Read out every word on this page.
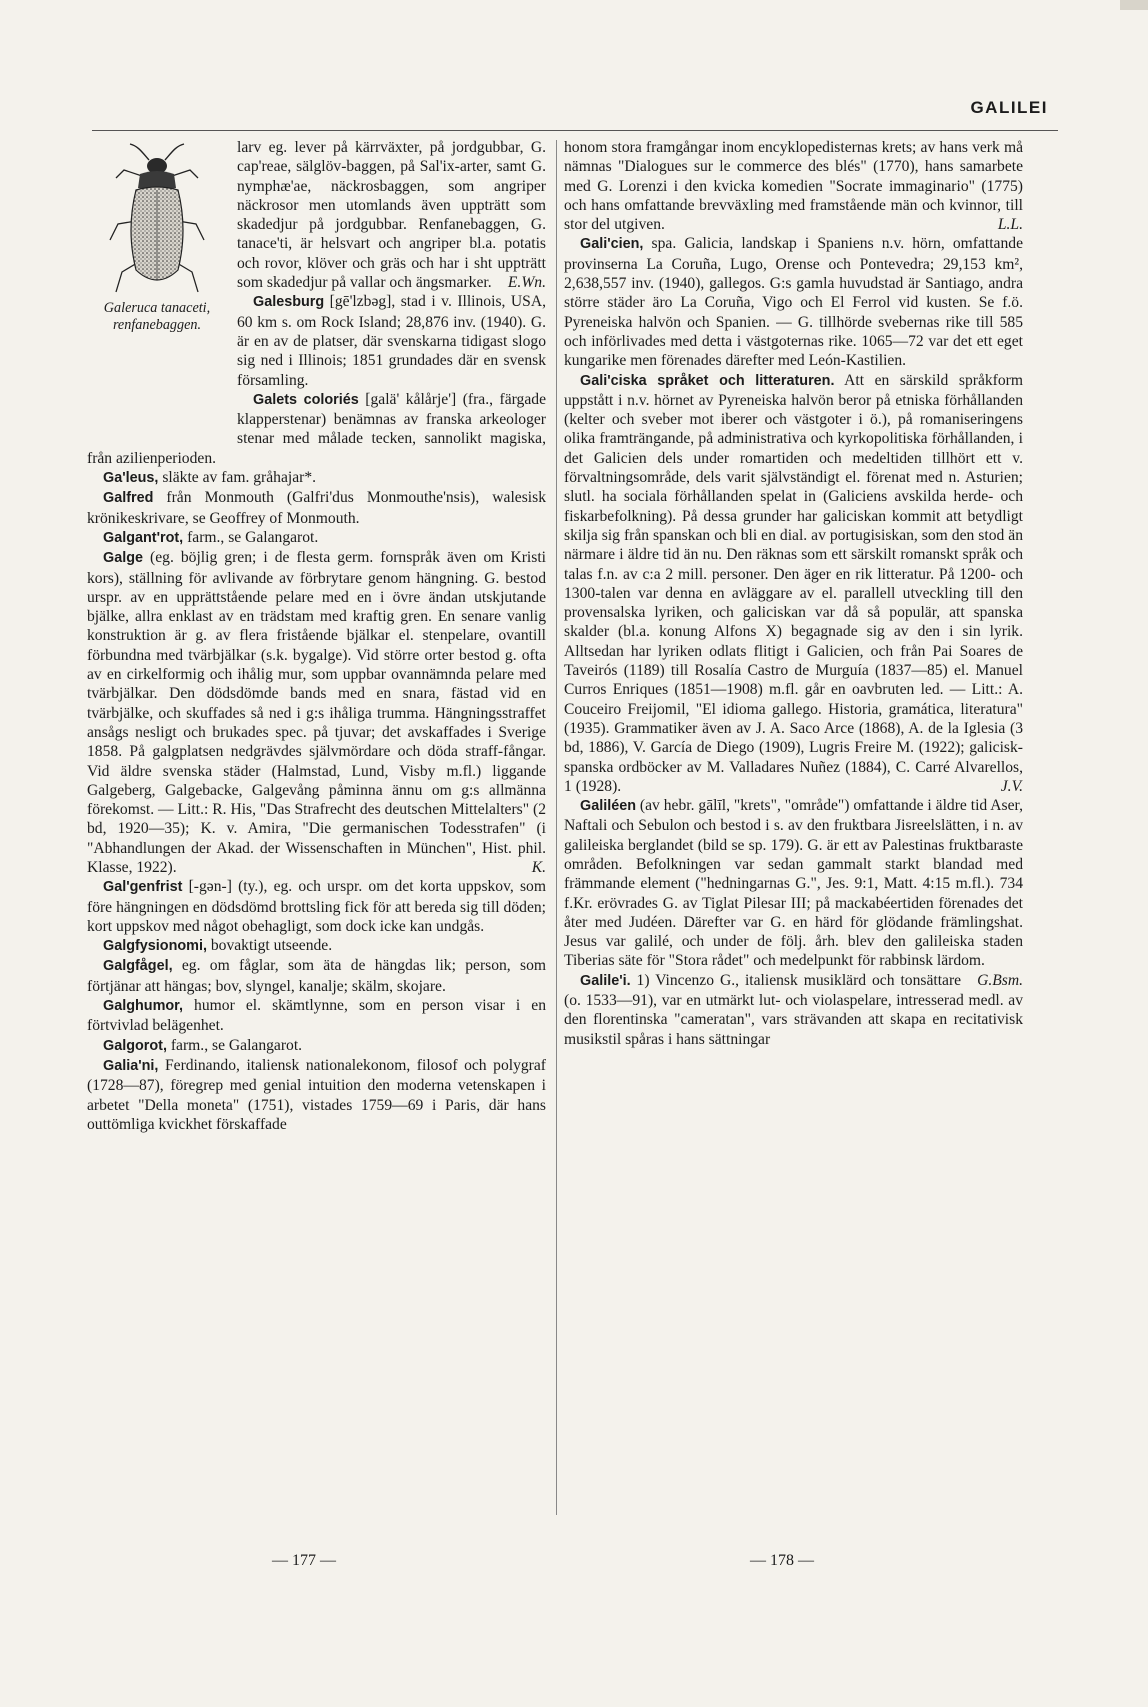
GALILEI
Galeruca tanaceti, renfanebaggen.

larv eg. lever på kärrväxter, på jordgubbar, G. cap'reae, sälglöv-baggen, på Sal'ix-arter, samt G. nymphæ'ae, näckrosbaggen, som angriper näckrosor men utomlands även uppträtt som skadedjur på jordgubbar. Renfanebaggen, G. tanace'ti, är helsvart och angriper bl.a. potatis och rovor, klöver och gräs och har i sht uppträtt som skadedjur på vallar och ängsmarker. E.Wn.

Galesburg [gē'lzbəg], stad i v. Illinois, USA, 60 km s. om Rock Island; 28,876 inv. (1940). G. är en av de platser, där svenskarna tidigast slogo sig ned i Illinois; 1851 grundades där en svensk församling.

Galets coloriés [galä' kålårje'] (fra., färgade klapperstenar) benämnas av franska arkeologer stenar med målade tecken, sannolikt magiska, från azilienperioden.

Ga'leus, släkte av fam. gråhajar*.

Galfred från Monmouth (Galfri'dus Monmouthe'nsis), walesisk krönikeskrivare, se Geoffrey of Monmouth.

Galgant'rot, farm., se Galangarot.

Galge (eg. böjlig gren; i de flesta germ. fornspråk även om Kristi kors), ställning för avlivande av förbrytare genom hängning. G. bestod urspr. av en upprättstående pelare med en i övre ändan utskjutande bjälke, allra enklast av en trädstam med kraftig gren. En senare vanlig konstruktion är g. av flera fristående bjälkar el. stenpelare, ovantill förbundna med tvärbjälkar (s.k. bygalge). Vid större orter bestod g. ofta av en cirkelformig och ihålig mur, som uppbar ovannämnda pelare med tvärbjälkar. Den dödsdömde bands med en snara, fästad vid en tvärbjälke, och skuffades så ned i g:s ihåliga trumma. Hängningsstraffet ansågs nesligt och brukades spec. på tjuvar; det avskaffades i Sverige 1858. På galgplatsen nedgrävdes självmördare och döda straff-fångar. Vid äldre svenska städer (Halmstad, Lund, Visby m.fl.) liggande Galgeberg, Galgebacke, Galgevång påminna ännu om g:s allmänna förekomst. — Litt.: R. His, "Das Strafrecht des deutschen Mittelalters" (2 bd, 1920—35); K. v. Amira, "Die germanischen Todesstrafen" (i "Abhandlungen der Akad. der Wissenschaften in München", Hist. phil. Klasse, 1922).	K.

Gal'genfrist [-gən-] (ty.), eg. och urspr. om det korta uppskov, som före hängningen en dödsdömd brottsling fick för att bereda sig till döden; kort uppskov med något obehagligt, som dock icke kan undgås.

Galgfysionomi, bovaktigt utseende.

Galgfågel, eg. om fåglar, som äta de hängdas lik; person, som förtjänar att hängas; bov, slyngel, kanalje; skälm, skojare.

Galghumor, humor el. skämtlynne, som en person visar i en förtvivlad belägenhet.

Galgorot, farm., se Galangarot.

Galia'ni, Ferdinando, italiensk nationalekonom, filosof och polygraf (1728—87), föregrep med genial intuition den moderna vetenskapen i arbetet "Della moneta" (1751), vistades 1759—69 i Paris, där hans outtömliga kvickhet förskaffade

honom stora framgångar inom encyklopedisternas krets; av hans verk må nämnas "Dialogues sur le commerce des blés" (1770), hans samarbete med G. Lorenzi i den kvicka komedien "Socrate immaginario" (1775) och hans omfattande brevväxling med framstående män och kvinnor, till stor del utgiven.	L.L.

Gali'cien, spa. Galicia, landskap i Spaniens n.v. hörn, omfattande provinserna La Coruña, Lugo, Orense och Pontevedra; 29,153 km², 2,638,557 inv. (1940), gallegos. G:s gamla huvudstad är Santiago, andra större städer äro La Coruña, Vigo och El Ferrol vid kusten. Se f.ö. Pyreneiska halvön och Spanien. — G. tillhörde svebernas rike till 585 och införlivades med detta i västgoternas rike. 1065—72 var det ett eget kungarike men förenades därefter med León-Kastilien.

Gali'ciska språket och litteraturen. Att en särskild språkform uppstått i n.v. hörnet av Pyreneiska halvön beror på etniska förhållanden (kelter och sveber mot iberer och västgoter i ö.), på romaniseringens olika framträngande, på administrativa och kyrkopolitiska förhållanden, i det Galicien dels under romartiden och medeltiden tillhört ett v. förvaltningsområde, dels varit självständigt el. förenat med n. Asturien; slutl. ha sociala förhållanden spelat in (Galiciens avskilda herde- och fiskarbefolkning). På dessa grunder har galiciskan kommit att betydligt skilja sig från spanskan och bli en dial. av portugisiskan, som den stod än närmare i äldre tid än nu. Den räknas som ett särskilt romanskt språk och talas f.n. av c:a 2 mill. personer. Den äger en rik litteratur. På 1200- och 1300-talen var denna en avläggare av el. parallell utveckling till den provensalska lyriken, och galiciskan var då så populär, att spanska skalder (bl.a. konung Alfons X) begagnade sig av den i sin lyrik. Alltsedan har lyriken odlats flitigt i Galicien, och från Pai Soares de Taveirós (1189) till Rosalía Castro de Murguía (1837—85) el. Manuel Curros Enriques (1851—1908) m.fl. går en oavbruten led. — Litt.: A. Couceiro Freijomil, "El idioma gallego. Historia, gramática, literatura" (1935). Grammatiker även av J. A. Saco Arce (1868), A. de la Iglesia (3 bd, 1886), V. García de Diego (1909), Lugris Freire M. (1922); galicisk-spanska ordböcker av M. Valladares Nuñez (1884), C. Carré Alvarellos, 1 (1928).	J.V.

Galiléen (av hebr. gālīl, "krets", "område") omfattande i äldre tid Aser, Naftali och Sebulon och bestod i s. av den fruktbara Jisreelslätten, i n. av galileiska berglandet (bild se sp. 179). G. är ett av Palestinas fruktbaraste områden. Befolkningen var sedan gammalt starkt blandad med främmande element ("hedningarnas G.", Jes. 9:1, Matt. 4:15 m.fl.). 734 f.Kr. erövrades G. av Tiglat Pilesar III; på mackabéertiden förenades det åter med Judéen. Därefter var G. en härd för glödande främlingshat. Jesus var galilé, och under de följ. årh. blev den galileiska staden Tiberias säte för "Stora rådet" och medelpunkt för rabbinsk lärdom.
G.Bsm.

Galile'i. 1) Vincenzo G., italiensk musiklärd och tonsättare (o. 1533—91), var en utmärkt lut- och violaspelare, intresserad medl. av den florentinska "cameratan", vars strävanden att skapa en recitativisk musikstil spåras i hans sättningar

— 177 —	— 178 —
